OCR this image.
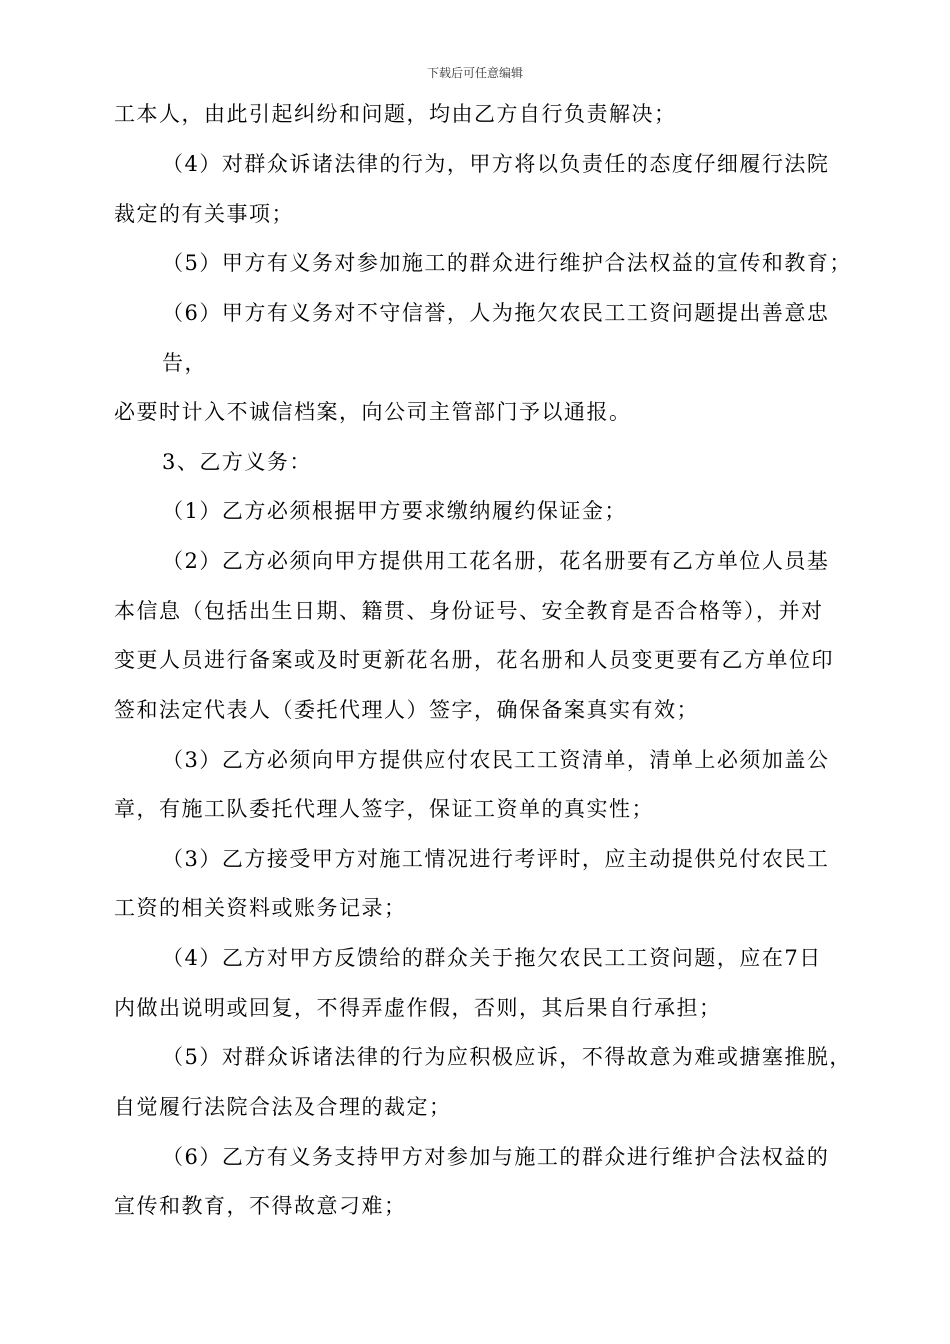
下载后可任意编辑
工本人，由此引起纠纷和问题，均由乙方自行负责解决；
（4）对群众诉诸法律的行为，甲方将以负责任的态度仔细履行法院
裁定的有关事项；
（5）甲方有义务对参加施工的群众进行维护合法权益的宣传和教育；
（6）甲方有义务对不守信誉，人为拖欠农民工工资问题提出善意忠
告，
必要时计入不诚信档案，向公司主管部门予以通报。
3、乙方义务：
（1）乙方必须根据甲方要求缴纳履约保证金；
（2）乙方必须向甲方提供用工花名册，花名册要有乙方单位人员基
本信息（包括出生日期、籍贯、身份证号、安全教育是否合格等），并对
变更人员进行备案或及时更新花名册，花名册和人员变更要有乙方单位印
签和法定代表人（委托代理人）签字，确保备案真实有效；
（3）乙方必须向甲方提供应付农民工工资清单，清单上必须加盖公
章，有施工队委托代理人签字，保证工资单的真实性；
（3）乙方接受甲方对施工情况进行考评时，应主动提供兑付农民工
工资的相关资料或账务记录；
（4）乙方对甲方反馈给的群众关于拖欠农民工工资问题，应在7日
内做出说明或回复，不得弄虚作假，否则，其后果自行承担；
（5）对群众诉诸法律的行为应积极应诉，不得故意为难或搪塞推脱，
自觉履行法院合法及合理的裁定；
（6）乙方有义务支持甲方对参加与施工的群众进行维护合法权益的
宣传和教育，不得故意刁难；
